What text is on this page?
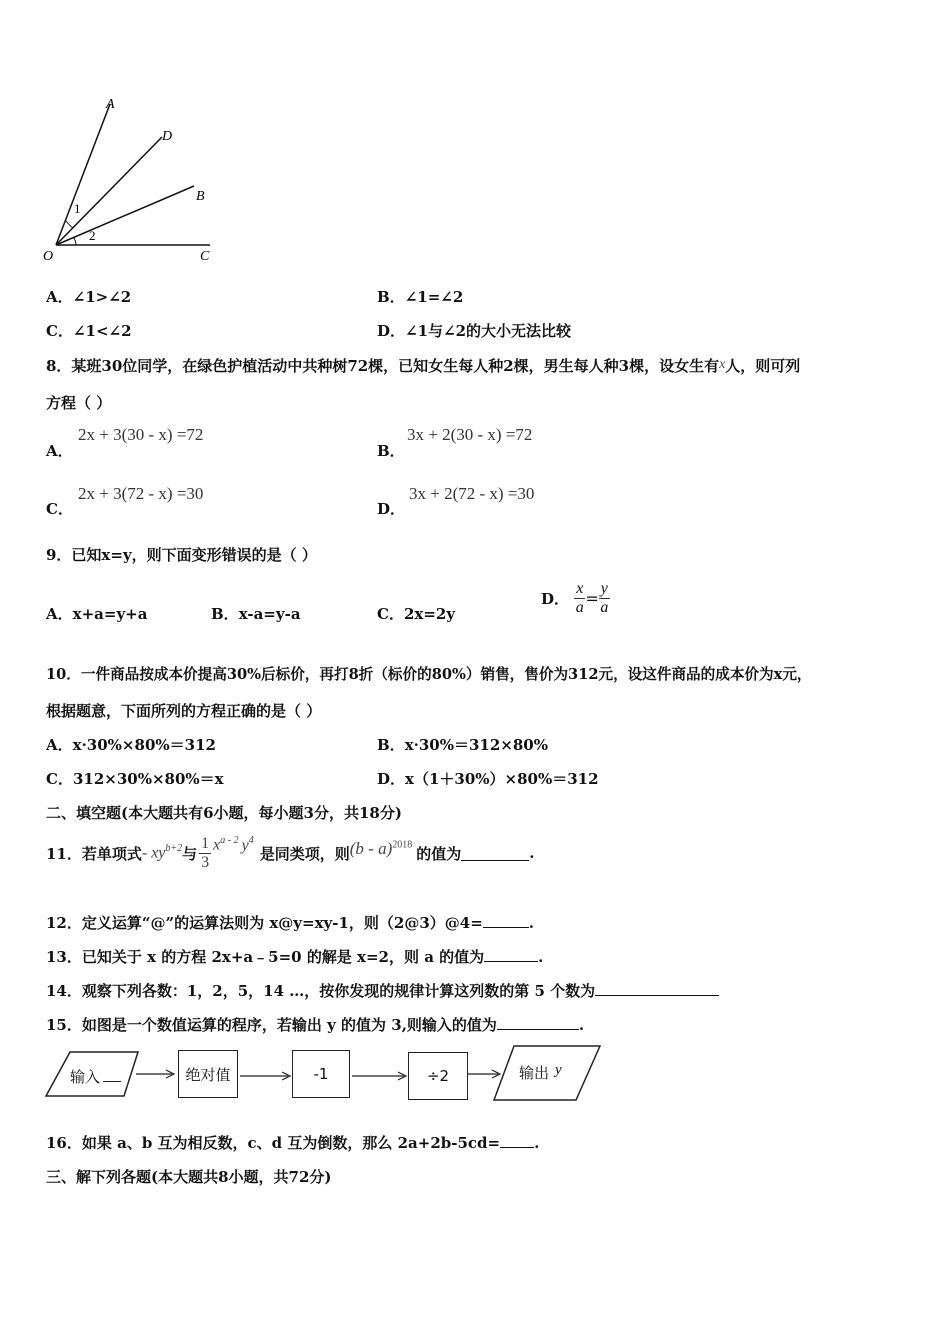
A
D
B
O	C
1
2
A．∠1>∠2	B．∠1=∠2
C．∠1<∠2	D．∠1与∠2的大小无法比较
8．某班30位同学，在绿色护植活动中共种树72棵，已知女生每人种2棵，男生每人种3棵，设女生有x人，则可列
方程（ ）
A．
2x + 3(30 - x) =72
B．
3x + 2(30 - x) =72
C．
2x + 3(72 - x) =30
D．
3x + 2(72 - x) =30
9．已知x=y，则下面变形错误的是（ ）
A．x+a=y+a	B．x-a=y-a	C．2x=2y
D． $\frac{x}{a} = \frac{y}{a}$
10．一件商品按成本价提高30%后标价，再打8折（标价的80%）销售，售价为312元，设这件商品的成本价为x元，
根据题意，下面所列的方程正确的是（ ）
A．x·30%×80%＝312	B．x·30%＝312×80%
C．312×30%×80%＝x	D．x（1＋30%）×80%＝312
二、填空题(本大题共有6小题，每小题3分，共18分)
11．若单项式 - $xy^{b+2}$ 与 $\frac{1}{3} x^{a - 2}$ $y^4$
是同类项，则 (b - a)$^{2018}$ 的值为	.
12．定义运算“@”的运算法则为 x@y=xy-1，则（2@3）@4=	.
13．已知关于 x 的方程 2x+a﹣5=0 的解是 x=2，则 a 的值为	.
14．观察下列各数：1，2，5，14 …，按你发现的规律计算这列数的第 5 个数为
15．如图是一个数值运算的程序，若输出 y 的值为 3,则输入的值为	.
输入	绝对值	-1	÷2	输出 y
16．如果 a、b 互为相反数，c、d 互为倒数，那么 2a+2b-5cd= .
三、解下列各题(本大题共8小题，共72分)
